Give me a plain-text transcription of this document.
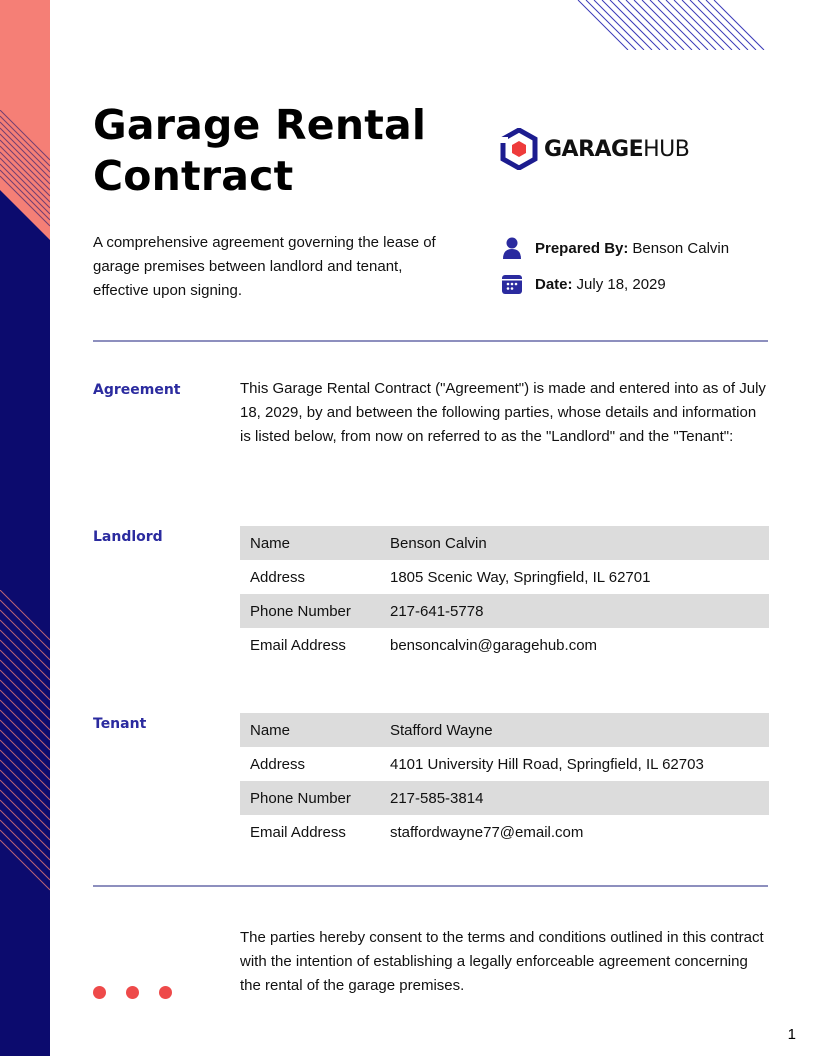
Garage Rental Contract
GARAGEHUB

A comprehensive agreement governing the lease of garage premises between landlord and tenant, effective upon signing.

Prepared By: Benson Calvin
Date: July 18, 2029
Agreement	This Garage Rental Contract ("Agreement") is made and entered into as of July 18, 2029, by and between the following parties, whose details and information is listed below, from now on referred to as the "Landlord" and the "Tenant":

Landlord	Name	Benson Calvin
Address	1805 Scenic Way, Springfield, IL 62701
Phone Number	217-641-5778
Email Address	bensoncalvin@garagehub.com
Tenant	Name	Stafford Wayne
Address	4101 University Hill Road, Springfield, IL 62703
Phone Number	217-585-3814
Email Address	staffordwayne77@email.com

The parties hereby consent to the terms and conditions outlined in this contract with the intention of establishing a legally enforceable agreement concerning the rental of the garage premises.

1
